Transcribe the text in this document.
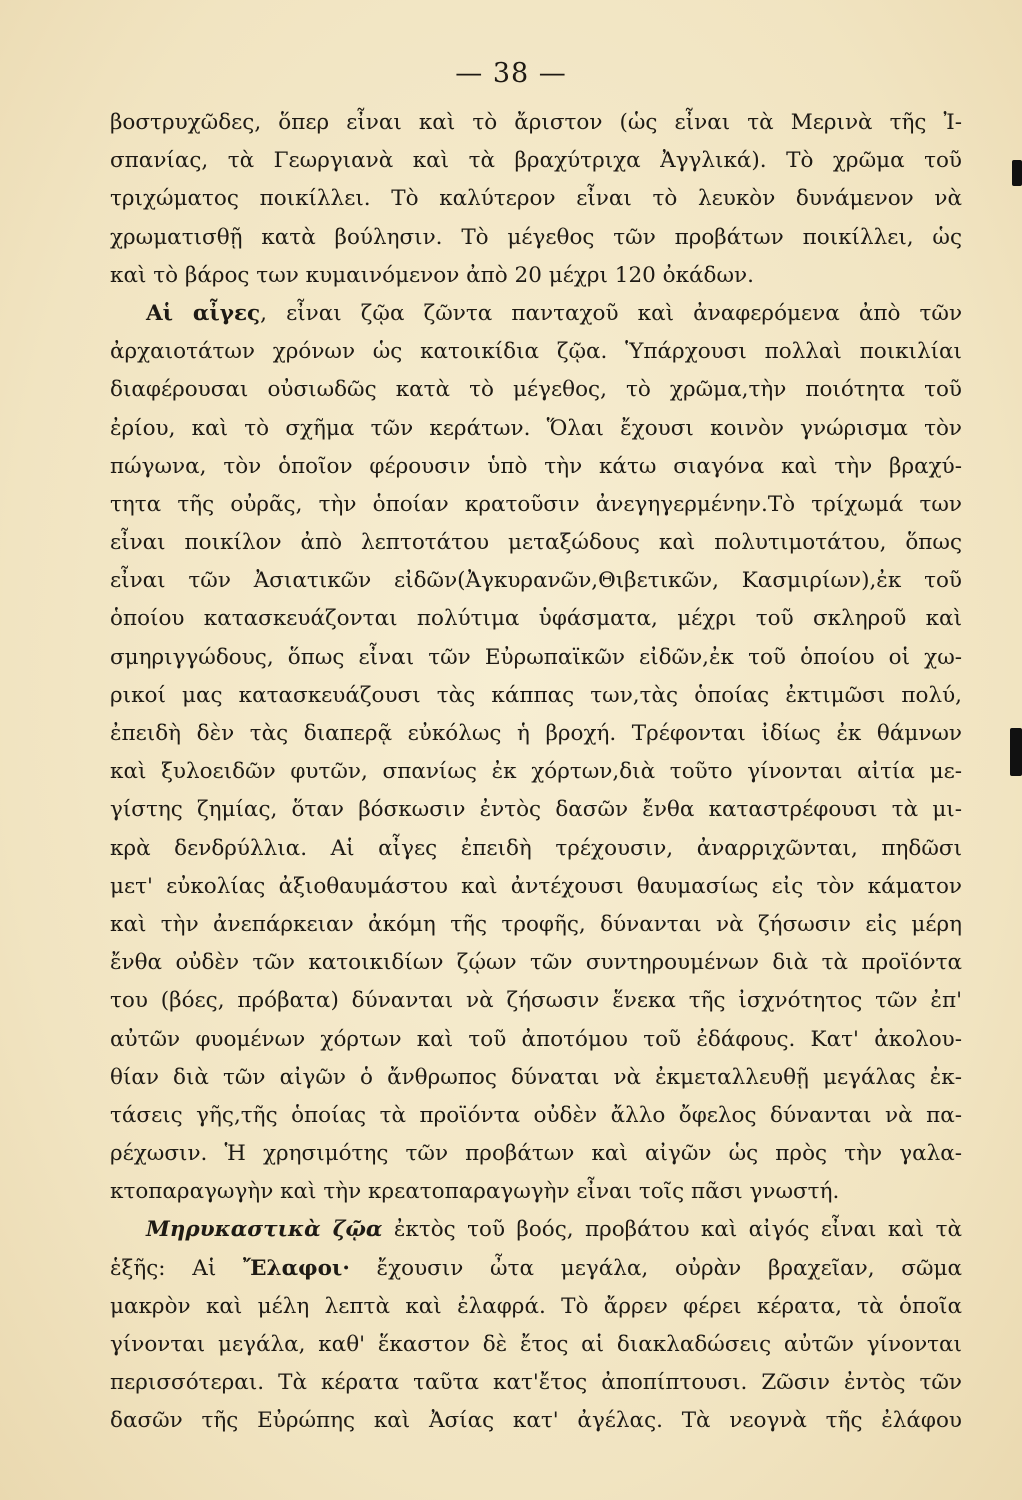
— 38 —
βοστρυχῶδες, ὅπερ εἶναι καὶ τὸ ἄριστον (ὡς εἶναι τὰ Μερινὰ τῆς Ἰ-
σπανίας, τὰ Γεωργιανὰ καὶ τὰ βραχύτριχα Ἀγγλικά). Τὸ χρῶμα τοῦ
τριχώματος ποικίλλει. Τὸ καλύτερον εἶναι τὸ λευκὸν δυνάμενον νὰ
χρωματισθῇ κατὰ βούλησιν. Τὸ μέγεθος τῶν προβάτων ποικίλλει, ὡς
καὶ τὸ βάρος των κυμαινόμενον ἀπὸ 20 μέχρι 120 ὀκάδων.
Αἱ αἶγες, εἶναι ζῷα ζῶντα πανταχοῦ καὶ ἀναφερόμενα ἀπὸ τῶν
ἀρχαιοτάτων χρόνων ὡς κατοικίδια ζῷα. Ὑπάρχουσι πολλαὶ ποικιλίαι
διαφέρουσαι οὐσιωδῶς κατὰ τὸ μέγεθος, τὸ χρῶμα,τὴν ποιότητα τοῦ
ἐρίου, καὶ τὸ σχῆμα τῶν κεράτων. Ὅλαι ἔχουσι κοινὸν γνώρισμα τὸν
πώγωνα, τὸν ὁποῖον φέρουσιν ὑπὸ τὴν κάτω σιαγόνα καὶ τὴν βραχύ-
τητα τῆς οὐρᾶς, τὴν ὁποίαν κρατοῦσιν ἀνεγηγερμένην.Τὸ τρίχωμά των
εἶναι ποικίλον ἀπὸ λεπτοτάτου μεταξώδους καὶ πολυτιμοτάτου, ὅπως
εἶναι τῶν Ἀσιατικῶν εἰδῶν(Ἀγκυρανῶν,Θιβετικῶν, Κασμιρίων),ἐκ τοῦ
ὁποίου κατασκευάζονται πολύτιμα ὑφάσματα, μέχρι τοῦ σκληροῦ καὶ
σμηριγγώδους, ὅπως εἶναι τῶν Εὐρωπαϊκῶν εἰδῶν,ἐκ τοῦ ὁποίου οἱ χω-
ρικοί μας κατασκευάζουσι τὰς κάππας των,τὰς ὁποίας ἐκτιμῶσι πολύ,
ἐπειδὴ δὲν τὰς διαπερᾷ εὐκόλως ἡ βροχή. Τρέφονται ἰδίως ἐκ θάμνων
καὶ ξυλοειδῶν φυτῶν, σπανίως ἐκ χόρτων,διὰ τοῦτο γίνονται αἰτία με-
γίστης ζημίας, ὅταν βόσκωσιν ἐντὸς δασῶν ἔνθα καταστρέφουσι τὰ μι-
κρὰ δενδρύλλια. Αἱ αἶγες ἐπειδὴ τρέχουσιν, ἀναρριχῶνται, πηδῶσι
μετ' εὐκολίας ἀξιοθαυμάστου καὶ ἀντέχουσι θαυμασίως εἰς τὸν κάματον
καὶ τὴν ἀνεπάρκειαν ἀκόμη τῆς τροφῆς, δύνανται νὰ ζήσωσιν εἰς μέρη
ἔνθα οὐδὲν τῶν κατοικιδίων ζῴων τῶν συντηρουμένων διὰ τὰ προϊόντα
του (βόες, πρόβατα) δύνανται νὰ ζήσωσιν ἕνεκα τῆς ἰσχνότητος τῶν ἐπ'
αὐτῶν φυομένων χόρτων καὶ τοῦ ἀποτόμου τοῦ ἐδάφους. Κατ' ἀκολου-
θίαν διὰ τῶν αἰγῶν ὁ ἄνθρωπος δύναται νὰ ἐκμεταλλευθῇ μεγάλας ἐκ-
τάσεις γῆς,τῆς ὁποίας τὰ προϊόντα οὐδὲν ἄλλο ὄφελος δύνανται νὰ πα-
ρέχωσιν. Ἡ χρησιμότης τῶν προβάτων καὶ αἰγῶν ὡς πρὸς τὴν γαλα-
κτοπαραγωγὴν καὶ τὴν κρεατοπαραγωγὴν εἶναι τοῖς πᾶσι γνωστή.
Μηρυκαστικὰ ζῷα ἐκτὸς τοῦ βοός, προβάτου καὶ αἰγός εἶναι καὶ τὰ
ἑξῆς: Αἱ Ἔλαφοι· ἔχουσιν ὦτα μεγάλα, οὐρὰν βραχεῖαν, σῶμα
μακρὸν καὶ μέλη λεπτὰ καὶ ἐλαφρά. Τὸ ἄρρεν φέρει κέρατα, τὰ ὁποῖα
γίνονται μεγάλα, καθ' ἕκαστον δὲ ἔτος αἱ διακλαδώσεις αὐτῶν γίνονται
περισσότεραι. Τὰ κέρατα ταῦτα κατ'ἔτος ἀποπίπτουσι. Ζῶσιν ἐντὸς τῶν
δασῶν τῆς Εὐρώπης καὶ Ἀσίας κατ' ἀγέλας. Τὰ νεογνὰ τῆς ἐλάφου
